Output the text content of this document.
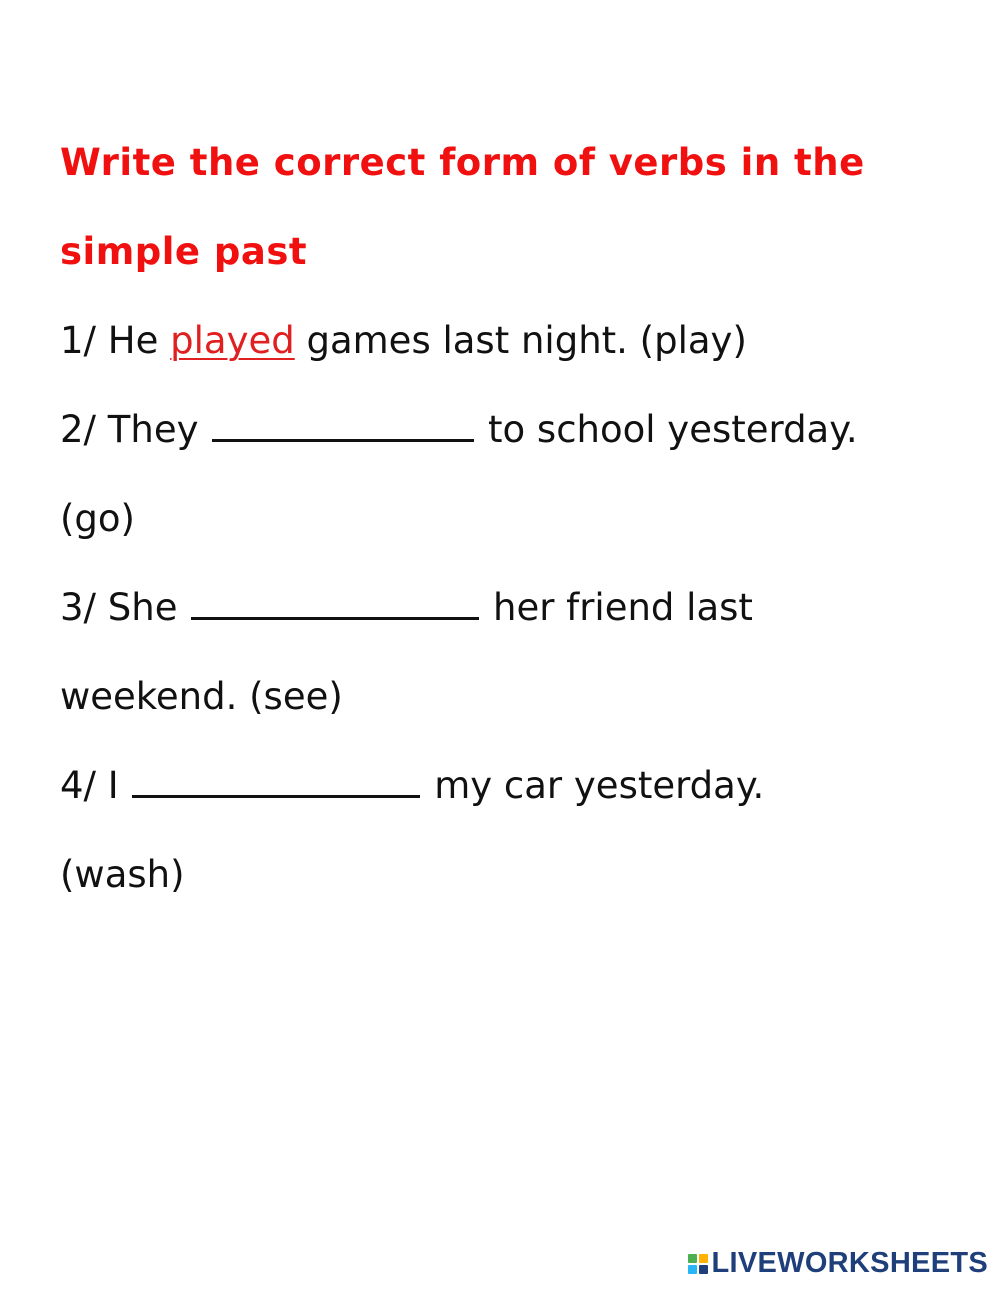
Write the correct form of verbs in the

simple past

1/ He played games last night. (play)

2/ They	to school yesterday.

(go)

3/ She	her friend last

weekend. (see)

4/ I	my car yesterday.

(wash)

LIVEWORKSHEETS
